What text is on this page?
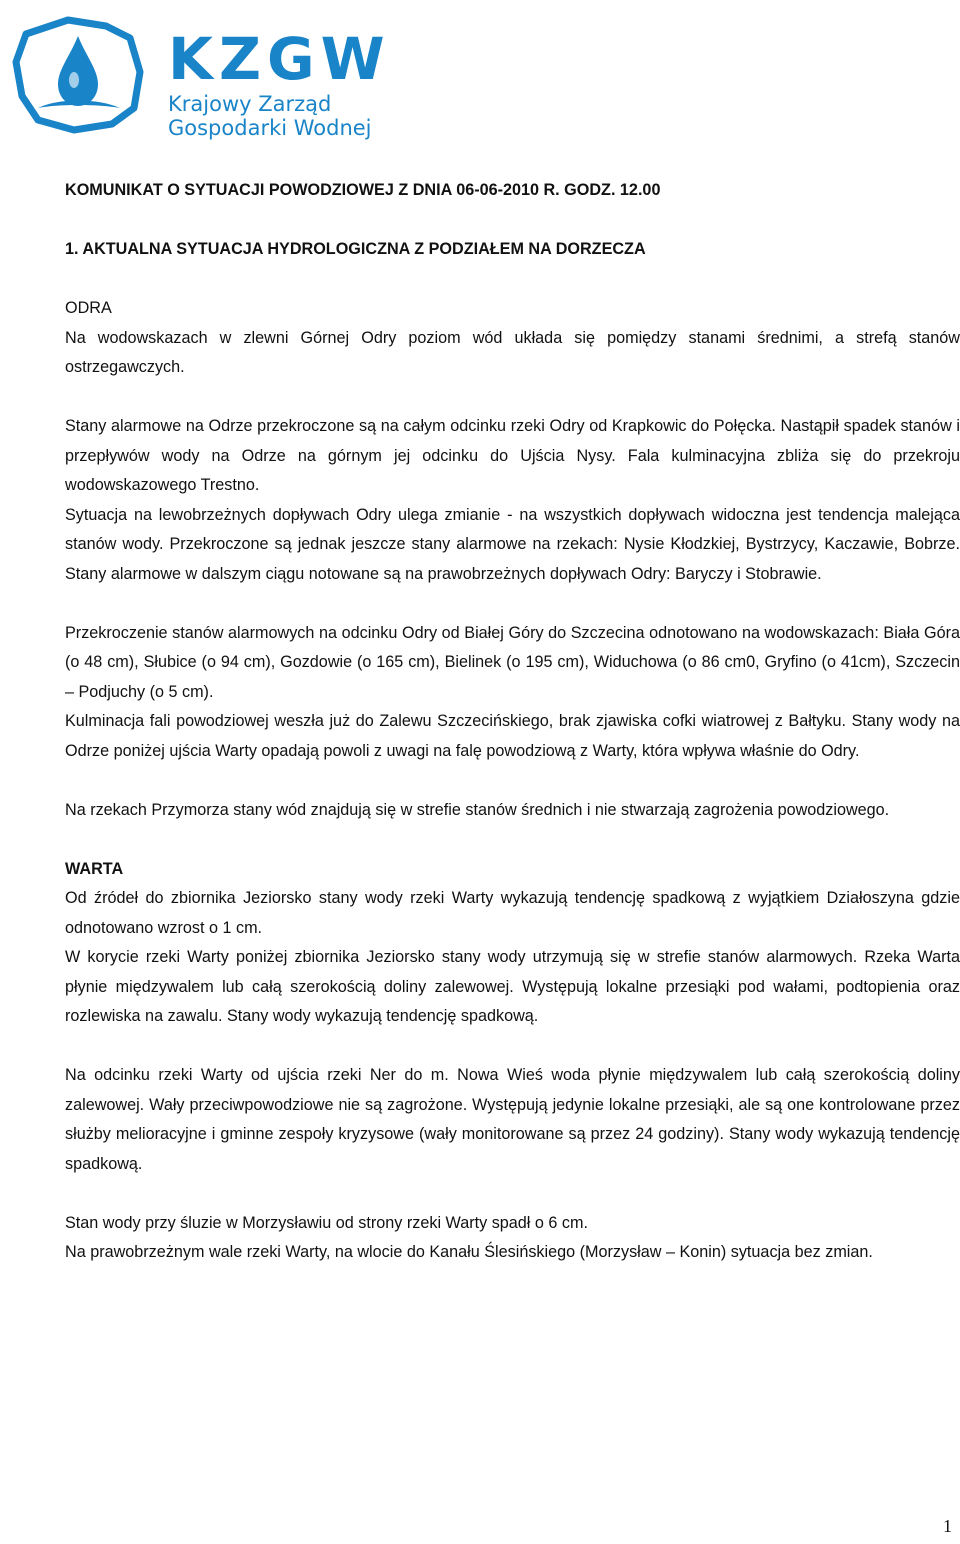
KZGW
Krajowy Zarząd
Gospodarki Wodnej
KOMUNIKAT O SYTUACJI POWODZIOWEJ Z DNIA 06-06-2010 R. GODZ. 12.00
1. AKTUALNA SYTUACJA HYDROLOGICZNA Z PODZIAŁEM NA DORZECZA
ODRA

Na wodowskazach w zlewni Górnej Odry poziom wód układa się pomiędzy stanami średnimi, a strefą stanów ostrzegawczych.

Stany alarmowe na Odrze przekroczone są na całym odcinku rzeki Odry od Krapkowic do Połęcka. Nastąpił spadek stanów i przepływów wody na Odrze na górnym jej odcinku do Ujścia Nysy. Fala kulminacyjna zbliża się do przekroju wodowskazowego Trestno.

Sytuacja na lewobrzeżnych dopływach Odry ulega zmianie - na wszystkich dopływach widoczna jest tendencja malejąca stanów wody. Przekroczone są jednak jeszcze stany alarmowe na rzekach: Nysie Kłodzkiej, Bystrzycy, Kaczawie, Bobrze. Stany alarmowe w dalszym ciągu notowane są na prawobrzeżnych dopływach Odry: Baryczy i Stobrawie.

Przekroczenie stanów alarmowych na odcinku Odry od Białej Góry do Szczecina odnotowano na wodowskazach: Biała Góra (o 48 cm), Słubice (o 94 cm), Gozdowie (o 165 cm), Bielinek (o 195 cm), Widuchowa (o 86 cm0, Gryfino (o 41cm), Szczecin – Podjuchy (o 5 cm).

Kulminacja fali powodziowej weszła już do Zalewu Szczecińskiego, brak zjawiska cofki wiatrowej z Bałtyku. Stany wody na Odrze poniżej ujścia Warty opadają powoli z uwagi na falę powodziową z Warty, która wpływa właśnie do Odry.

Na rzekach Przymorza stany wód znajdują się w strefie stanów średnich i nie stwarzają zagrożenia powodziowego.

WARTA

Od źródeł do zbiornika Jeziorsko stany wody rzeki Warty wykazują tendencję spadkową z wyjątkiem Działoszyna gdzie odnotowano wzrost o 1 cm.

W korycie rzeki Warty poniżej zbiornika Jeziorsko stany wody utrzymują się w strefie stanów alarmowych. Rzeka Warta płynie międzywalem lub całą szerokością doliny zalewowej. Występują lokalne przesiąki pod wałami, podtopienia oraz rozlewiska na zawalu. Stany wody wykazują tendencję spadkową.

Na odcinku rzeki Warty od ujścia rzeki Ner do m. Nowa Wieś woda płynie międzywalem lub całą szerokością doliny zalewowej. Wały przeciwpowodziowe nie są zagrożone. Występują jedynie lokalne przesiąki, ale są one kontrolowane przez służby melioracyjne i gminne zespoły kryzysowe (wały monitorowane są przez 24 godziny). Stany wody wykazują tendencję spadkową.

Stan wody przy śluzie w Morzysławiu od strony rzeki Warty spadł o 6 cm.

Na prawobrzeżnym wale rzeki Warty, na wlocie do Kanału Ślesińskiego (Morzysław – Konin) sytuacja bez zmian.

1
